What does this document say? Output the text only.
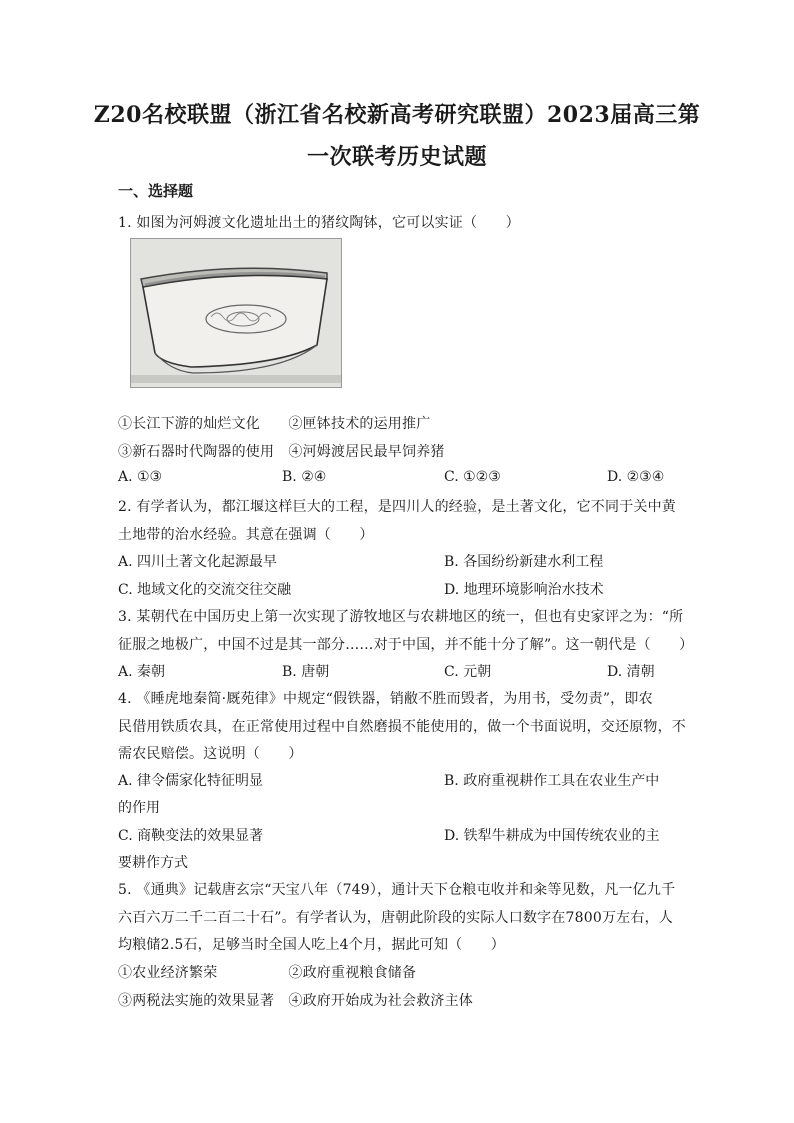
Z20名校联盟（浙江省名校新高考研究联盟）2023届高三第
一次联考历史试题
一、选择题
1. 如图为河姆渡文化遗址出土的猪纹陶钵，它可以实证（　　）
①长江下游的灿烂文化　　②匣钵技术的运用推广
③新石器时代陶器的使用　④河姆渡居民最早饲养猪
A. ①③	B. ②④	C. ①②③	D. ②③④
2. 有学者认为，都江堰这样巨大的工程，是四川人的经验，是土著文化，它不同于关中黄
土地带的治水经验。其意在强调（　　）
A. 四川土著文化起源最早	B. 各国纷纷新建水利工程
C. 地域文化的交流交往交融	D. 地理环境影响治水技术
3. 某朝代在中国历史上第一次实现了游牧地区与农耕地区的统一，但也有史家评之为：“所
征服之地极广，中国不过是其一部分……对于中国，并不能十分了解”。这一朝代是（　　）
A. 秦朝	B. 唐朝	C. 元朝	D. 清朝
4. 《睡虎地秦简·厩苑律》中规定“假铁器，销敝不胜而毁者，为用书，受勿责”，即农
民借用铁质农具，在正常使用过程中自然磨损不能使用的，做一个书面说明，交还原物，不
需农民赔偿。这说明（　　）
A. 律令儒家化特征明显	B. 政府重视耕作工具在农业生产中
的作用
C. 商鞅变法的效果显著	D. 铁犁牛耕成为中国传统农业的主
要耕作方式
5. 《通典》记载唐玄宗“天宝八年（749），通计天下仓粮屯收并和籴等见数，凡一亿九千
六百六万二千二百二十石”。有学者认为，唐朝此阶段的实际人口数字在7800万左右，人
均粮储2.5石，足够当时全国人吃上4个月，据此可知（　　）
①农业经济繁荣　　　　　②政府重视粮食储备
③两税法实施的效果显著　④政府开始成为社会救济主体
